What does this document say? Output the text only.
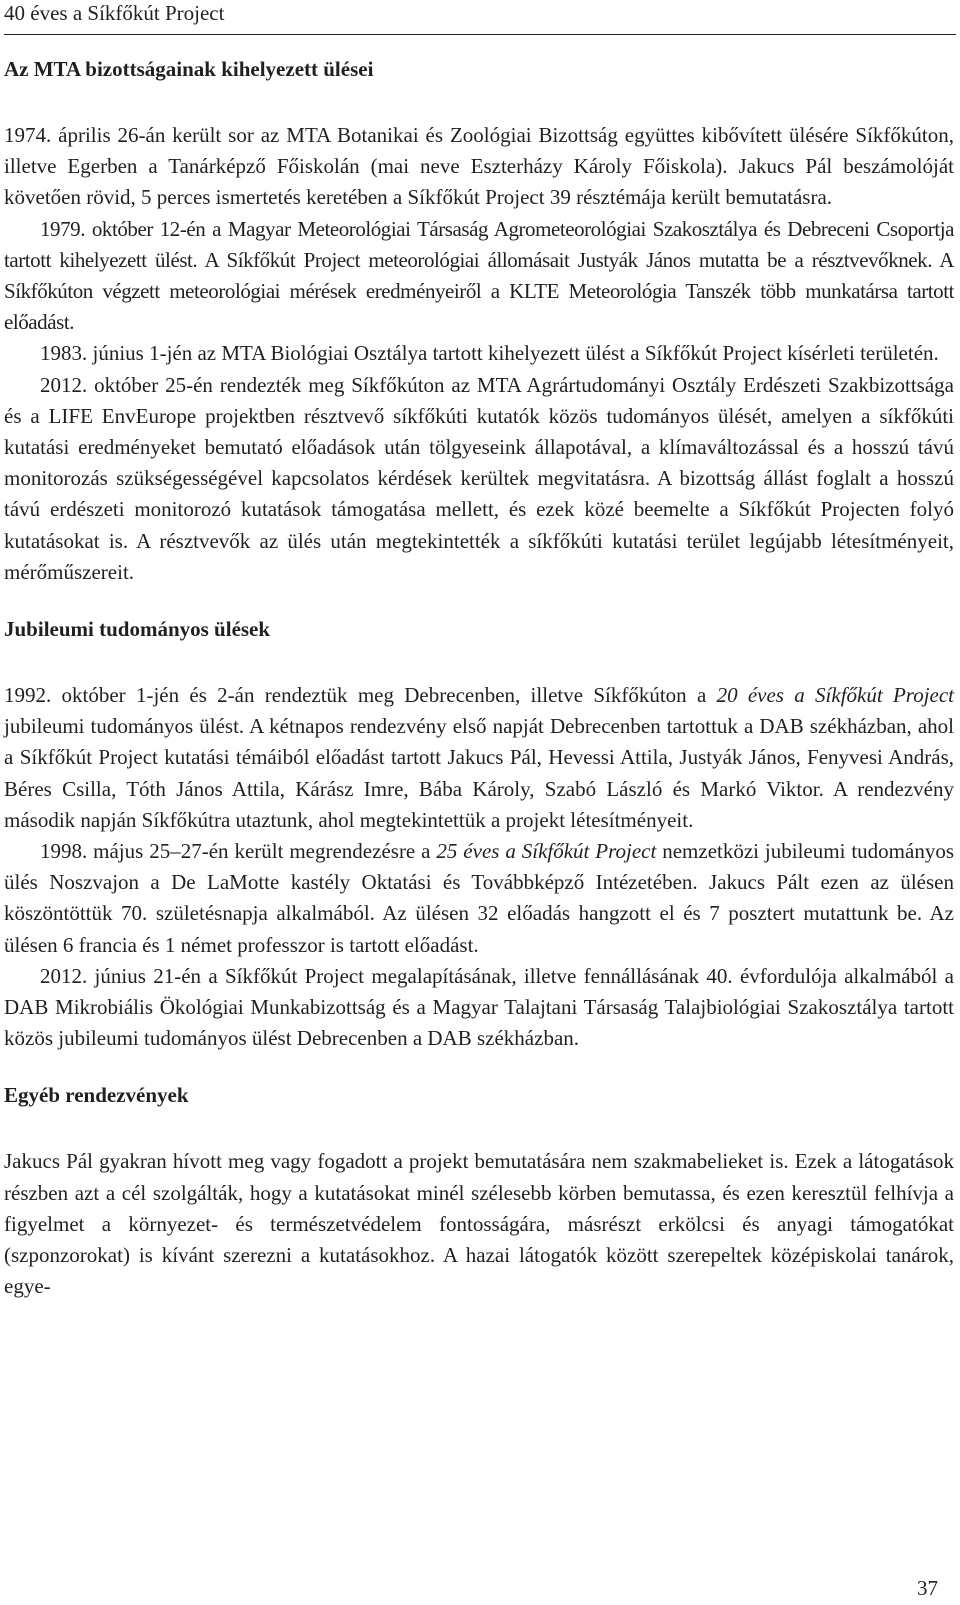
40 éves a Síkfőkút Project
Az MTA bizottságainak kihelyezett ülései

1974. április 26-án került sor az MTA Botanikai és Zoológiai Bizottság együttes kibővített ülésére Síkfőkúton, illetve Egerben a Tanárképző Főiskolán (mai neve Eszterházy Károly Főiskola). Jakucs Pál beszámolóját követően rövid, 5 perces ismertetés keretében a Síkfőkút Project 39 résztémája került bemutatásra.

1979. október 12-én a Magyar Meteorológiai Társaság Agrometeorológiai Szakosztálya és Debreceni Csoportja tartott kihelyezett ülést. A Síkfőkút Project meteorológiai állomásait Justyák János mutatta be a résztvevőknek. A Síkfőkúton végzett meteorológiai mérések eredményeiről a KLTE Meteorológia Tanszék több munkatársa tartott előadást.

1983. június 1-jén az MTA Biológiai Osztálya tartott kihelyezett ülést a Síkfőkút Project kísérleti területén.

2012. október 25-én rendezték meg Síkfőkúton az MTA Agrártudományi Osztály Erdészeti Szakbizottsága és a LIFE EnvEurope projektben résztvevő síkfőkúti kutatók közös tudományos ülését, amelyen a síkfőkúti kutatási eredményeket bemutató előadások után tölgyeseink állapotával, a klímaváltozással és a hosszú távú monitorozás szükségességével kapcsolatos kérdések kerültek megvitatásra. A bizottság állást foglalt a hosszú távú erdészeti monitorozó kutatások támogatása mellett, és ezek közé beemelte a Síkfőkút Projecten folyó kutatásokat is. A résztvevők az ülés után megtekintették a síkfőkúti kutatási terület legújabb létesítményeit, mérőműszereit.

Jubileumi tudományos ülések

1992. október 1-jén és 2-án rendeztük meg Debrecenben, illetve Síkfőkúton a 20 éves a Síkfőkút Project jubileumi tudományos ülést. A kétnapos rendezvény első napját Debrecenben tartottuk a DAB székházban, ahol a Síkfőkút Project kutatási témáiból előadást tartott Jakucs Pál, Hevessi Attila, Justyák János, Fenyvesi András, Béres Csilla, Tóth János Attila, Kárász Imre, Bába Károly, Szabó László és Markó Viktor. A rendezvény második napján Síkfőkútra utaztunk, ahol megtekintettük a projekt létesítményeit.

1998. május 25–27-én került megrendezésre a 25 éves a Síkfőkút Project nemzetközi jubileumi tudományos ülés Noszvajon a De LaMotte kastély Oktatási és Továbbképző Intézetében. Jakucs Pált ezen az ülésen köszöntöttük 70. születésnapja alkalmából. Az ülésen 32 előadás hangzott el és 7 posztert mutattunk be. Az ülésen 6 francia és 1 német professzor is tartott előadást.

2012. június 21-én a Síkfőkút Project megalapításának, illetve fennállásának 40. évfordulója alkalmából a DAB Mikrobiális Ökológiai Munkabizottság és a Magyar Talajtani Társaság Talajbiológiai Szakosztálya tartott közös jubileumi tudományos ülést Debrecenben a DAB székházban.

Egyéb rendezvények

Jakucs Pál gyakran hívott meg vagy fogadott a projekt bemutatására nem szakmabelieket is. Ezek a látogatások részben azt a cél szolgálták, hogy a kutatásokat minél szélesebb körben bemutassa, és ezen keresztül felhívja a figyelmet a környezet- és természetvédelem fontosságára, másrészt erkölcsi és anyagi támogatókat (szponzorokat) is kívánt szerezni a kutatásokhoz. A hazai látogatók között szerepeltek középiskolai tanárok, egye-

37
